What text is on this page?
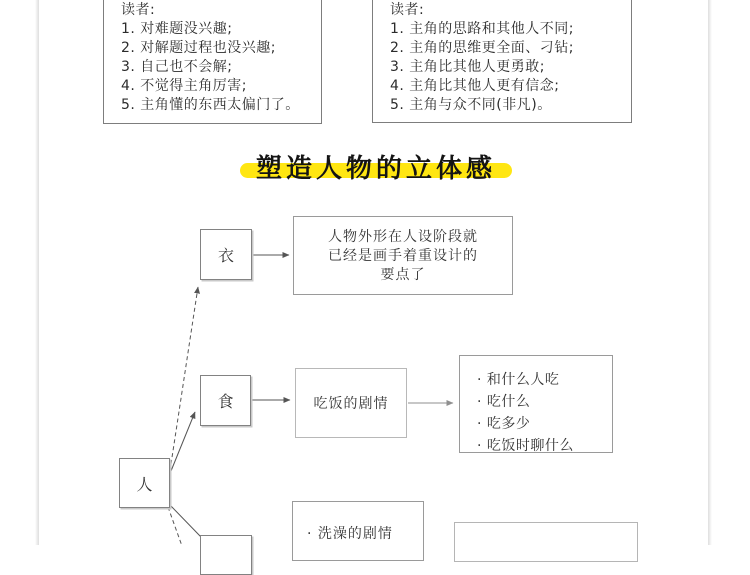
读者:
1. 对难题没兴趣;
2. 对解题过程也没兴趣;
3. 自己也不会解;
4. 不觉得主角厉害;
5. 主角懂的东西太偏门了。
读者:
1. 主角的思路和其他人不同;
2. 主角的思维更全面、刁钻;
3. 主角比其他人更勇敢;
4. 主角比其他人更有信念;
5. 主角与众不同(非凡)。
塑造人物的立体感
衣
人物外形在人设阶段就
已经是画手着重设计的
要点了
食	吃饭的剧情
· 和什么人吃
· 吃什么
· 吃多少
· 吃饭时聊什么
人
· 洗澡的剧情
